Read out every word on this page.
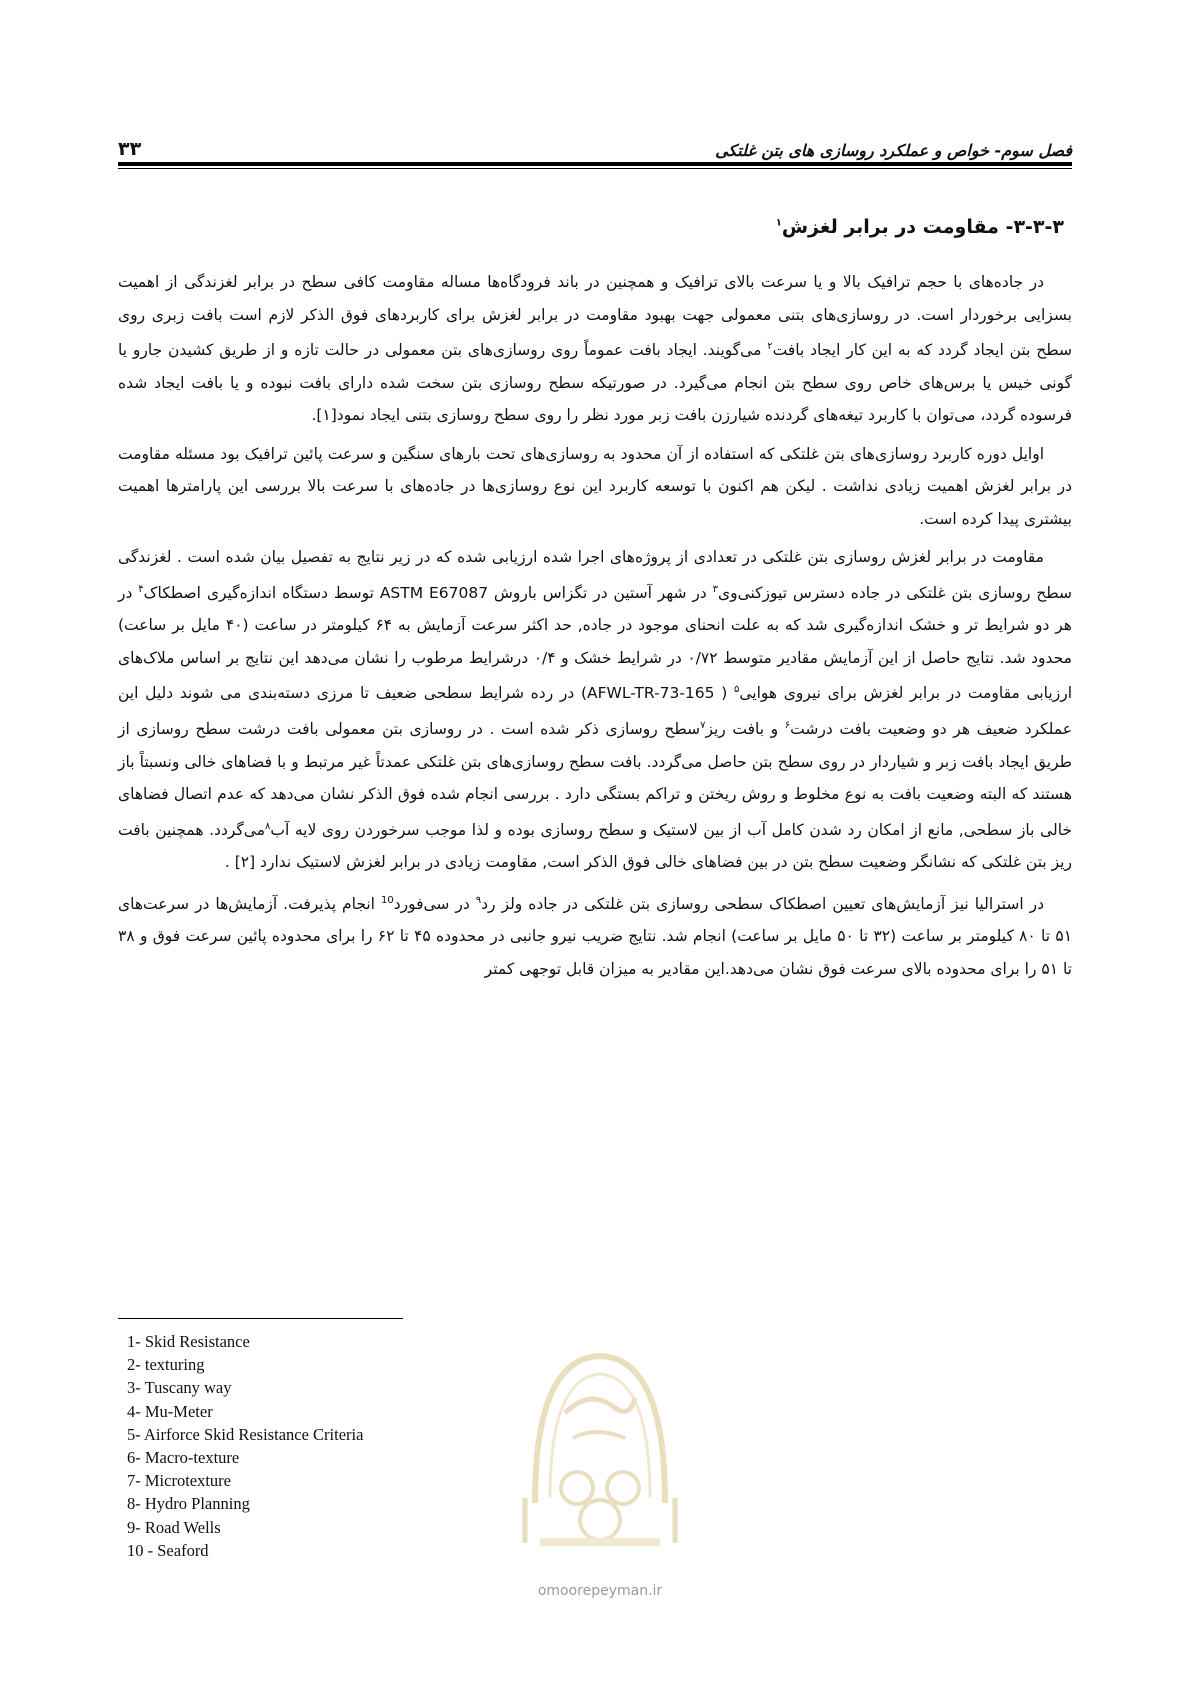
۳۳	فصل سوم- خواص و عملکرد روسازی های بتن غلتکی
۳-۳-۳- مقاومت در برابر لغزش$^۱$

در جاده‌های با حجم ترافیک بالا و یا سرعت بالای ترافیک و همچنین در باند فرودگاه‌ها مساله مقاومت کافی سطح در برابر لغزندگی از اهمیت بسزایی برخوردار است. در روسازی‌های بتنی معمولی جهت بهبود مقاومت در برابر لغزش برای کاربردهای فوق الذکر لازم است بافت زبری روی سطح بتن ایجاد گردد که به این کار ایجاد بافت$^۲$ می‌گویند. ایجاد بافت عموماً روی روسازی‌های بتن معمولی در حالت تازه و از طریق کشیدن جارو یا گونی خیس یا برس‌های خاص روی سطح بتن انجام می‌گیرد. در صورتیکه سطح روسازی بتن سخت شده دارای بافت نبوده و یا بافت ایجاد شده فرسوده گردد، می‌توان با کاربرد تیغه‌های گردنده شیارزن بافت زبر مورد نظر را روی سطح روسازی بتنی ایجاد نمود[۱].

اوایل دوره کاربرد روسازی‌های بتن غلتکی که استفاده از آن محدود به روسازی‌های تحت بارهای سنگین و سرعت پائین ترافیک بود مسئله مقاومت در برابر لغزش اهمیت زیادی نداشت . لیکن هم اکنون با توسعه کاربرد این نوع روسازی‌ها در جاده‌های با سرعت بالا بررسی این پارامترها اهمیت بیشتری پیدا کرده است.

مقاومت در برابر لغزش روسازی بتن غلتکی در تعدادی از پروژه‌های اجرا شده ارزیابی شده که در زیر نتایج به تفصیل بیان شده است . لغزندگی سطح روسازی بتن غلتکی در جاده دسترس تیوزکنی‌وی$^۳$ در شهر آستین در تگزاس باروش ASTM E67087 توسط دستگاه اندازه‌گیری اصطکاک$^۴$ در هر دو شرایط تر و خشک اندازه‌گیری شد که به علت انحنای موجود در جاده, حد اکثر سرعت آزمایش به ۶۴ کیلومتر در ساعت (۴۰ مایل بر ساعت) محدود شد. نتایج حاصل از این آزمایش مقادیر متوسط ۰/۷۲ در شرایط خشک و ۰/۴ درشرایط مرطوب را نشان می‌دهد این نتایج بر اساس ملاک‌های ارزیابی مقاومت در برابر لغزش برای نیروی هوایی$^۵$ ( AFWL-TR-73-165) در رده شرایط سطحی ضعیف تا مرزی دسته‌بندی می شوند دلیل این عملکرد ضعیف هر دو وضعیت بافت درشت$^۶$ و بافت ریز$^۷$سطح روسازی ذکر شده است . در روسازی بتن معمولی بافت درشت سطح روسازی از طریق ایجاد بافت زبر و شیاردار در روی سطح بتن حاصل می‌گردد. بافت سطح روسازی‌های بتن غلتکی عمدتاً غیر مرتبط و با فضاهای خالی ونسبتاً باز هستند که البته وضعیت بافت به نوع مخلوط و روش ریختن و تراکم بستگی دارد . بررسی انجام شده فوق الذکر نشان می‌دهد که عدم اتصال فضاهای خالی باز سطحی, مانع از امکان رد شدن کامل آب از بین لاستیک و سطح روسازی بوده و لذا موجب سرخوردن روی لایه آب$^۸$می‌گردد. همچنین بافت ریز بتن غلتکی که نشانگر وضعیت سطح بتن در بین فضاهای خالی فوق الذکر است, مقاومت زیادی در برابر لغزش لاستیک ندارد [۲] .

در استرالیا نیز آزمایش‌های تعیین اصطکاک سطحی روسازی بتن غلتکی در جاده ولز رد$^۹$ در سی‌فورد$^{10}$ انجام پذیرفت. آزمایش‌ها در سرعت‌های ۵۱ تا ۸۰ کیلومتر بر ساعت (۳۲ تا ۵۰ مایل بر ساعت) انجام شد. نتایج ضریب نیرو جانبی در محدوده ۴۵ تا ۶۲ را برای محدوده پائین سرعت فوق و ۳۸ تا ۵۱ را برای محدوده بالای سرعت فوق نشان می‌دهد.این مقادیر به میزان قابل توجهی کمتر

1- Skid Resistance
2- texturing
3- Tuscany way
4- Mu-Meter
5- Airforce Skid Resistance Criteria
6- Macro-texture
7- Microtexture
8- Hydro Planning
9- Road Wells
10 - Seaford
omoorepeyman.ir
